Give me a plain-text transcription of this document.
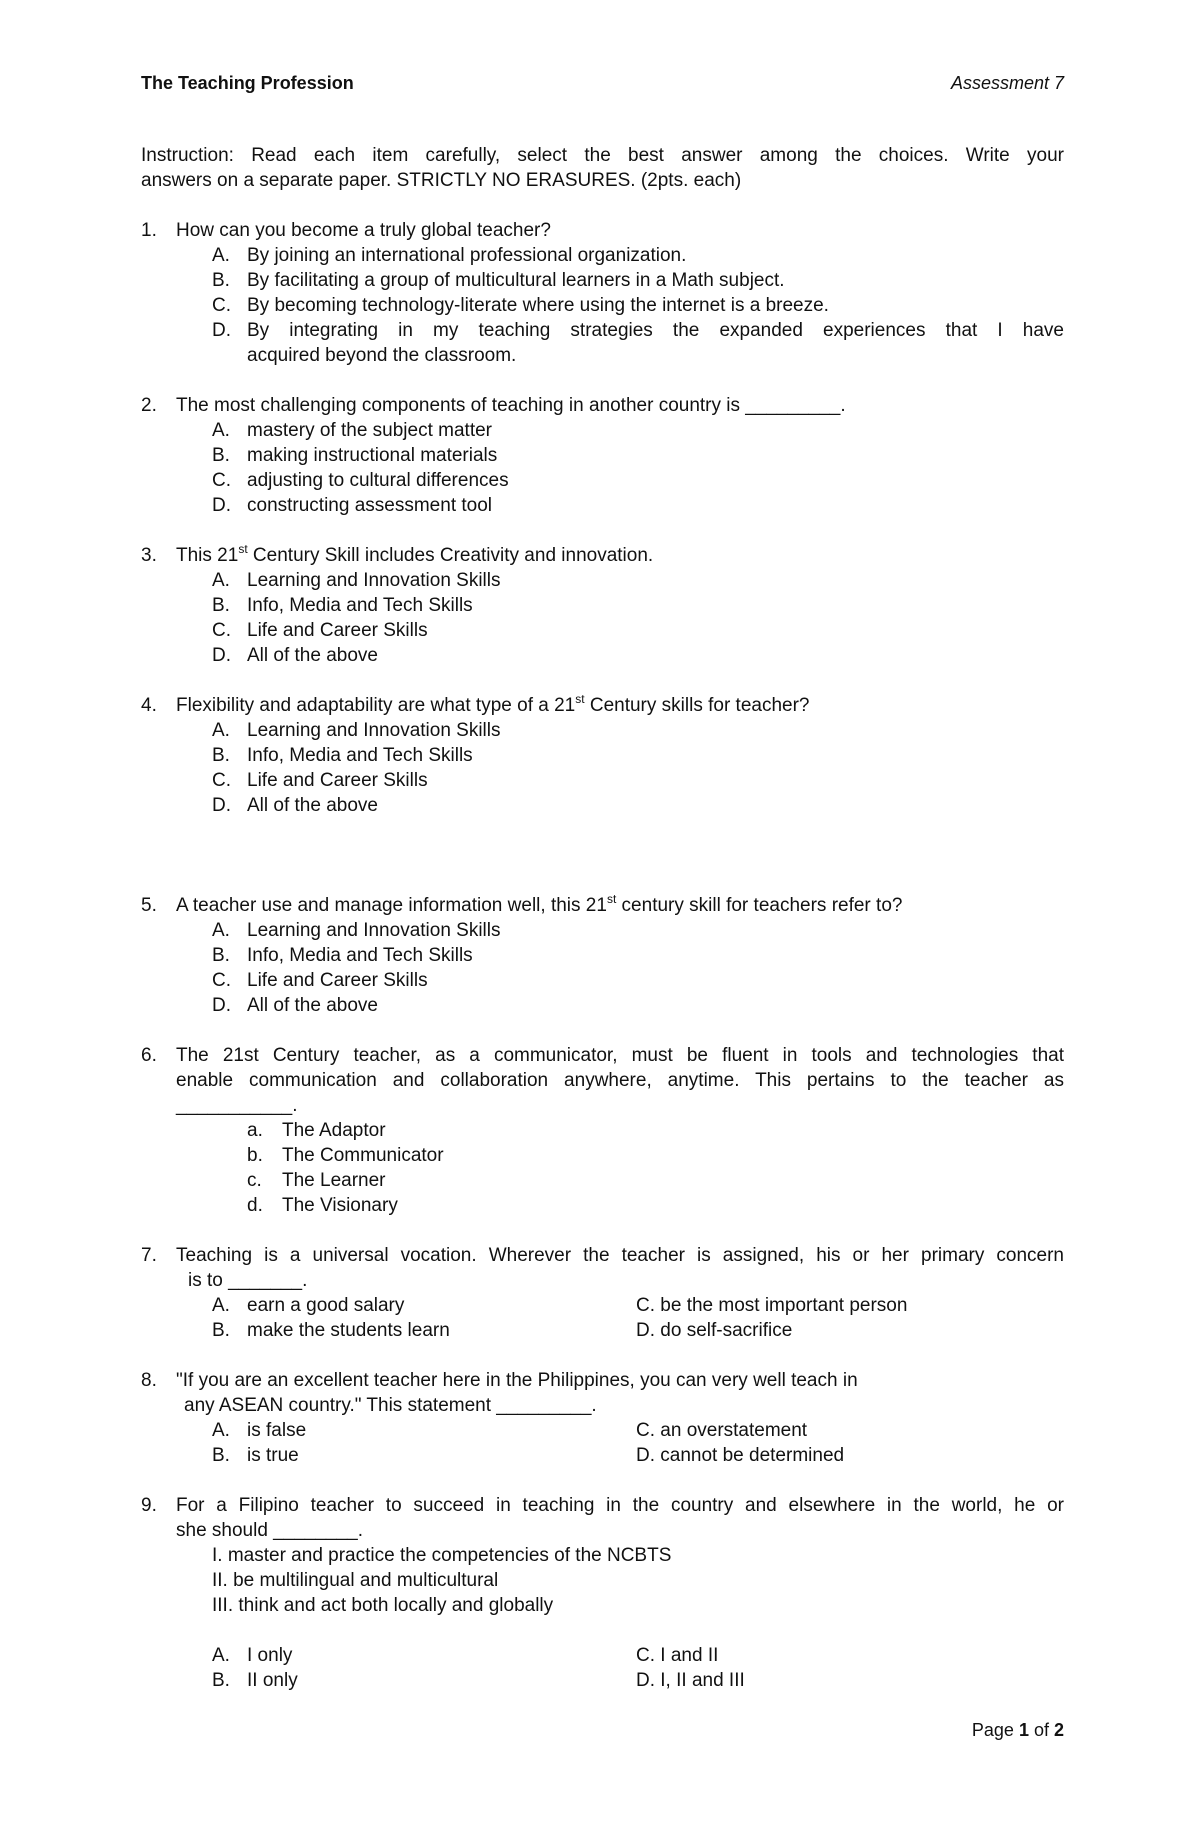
The Teaching Profession	Assessment 7
Instruction: Read each item carefully, select the best answer among the choices. Write your
answers on a separate paper. STRICTLY NO ERASURES. (2pts. each)
1. How can you become a truly global teacher?
A. By joining an international professional organization.
B. By facilitating a group of multicultural learners in a Math subject.
C. By becoming technology-literate where using the internet is a breeze.
D. By integrating in my teaching strategies the expanded experiences that I have
acquired beyond the classroom.
2. The most challenging components of teaching in another country is _________.
A. mastery of the subject matter
B. making instructional materials
C. adjusting to cultural differences
D. constructing assessment tool
3. This 21st Century Skill includes Creativity and innovation.
A. Learning and Innovation Skills
B. Info, Media and Tech Skills
C. Life and Career Skills
D. All of the above
4. Flexibility and adaptability are what type of a 21st Century skills for teacher?
A. Learning and Innovation Skills
B. Info, Media and Tech Skills
C. Life and Career Skills
D. All of the above
5. A teacher use and manage information well, this 21st century skill for teachers refer to?
A. Learning and Innovation Skills
B. Info, Media and Tech Skills
C. Life and Career Skills
D. All of the above
6. The 21st Century teacher, as a communicator, must be fluent in tools and technologies that
enable communication and collaboration anywhere, anytime. This pertains to the teacher as
___________.
a. The Adaptor
b. The Communicator
c. The Learner
d. The Visionary
7. Teaching is a universal vocation. Wherever the teacher is assigned, his or her primary concern
is to _______.
A. earn a good salary	C. be the most important person
B. make the students learn	D. do self-sacrifice
8. "If you are an excellent teacher here in the Philippines, you can very well teach in
any ASEAN country." This statement _________.
A. is false	C. an overstatement
B. is true	D. cannot be determined
9. For a Filipino teacher to succeed in teaching in the country and elsewhere in the world, he or
she should ________.
I. master and practice the competencies of the NCBTS
II. be multilingual and multicultural
III. think and act both locally and globally
A. I only	C. I and II
B. II only	D. I, II and III
Page 1 of 2
